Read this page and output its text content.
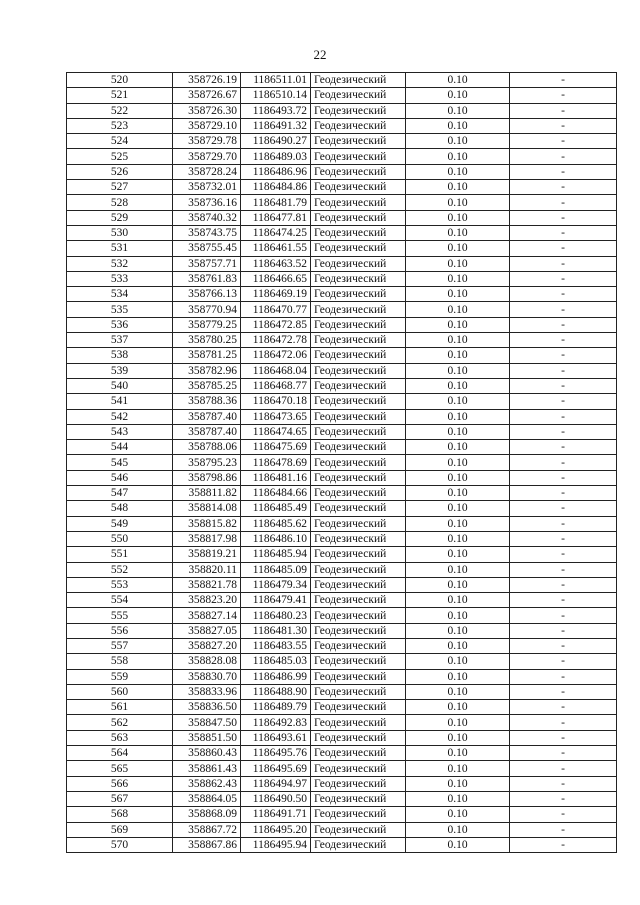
22
520	358726.19	1186511.01	Геодезический	0.10	-
521	358726.67	1186510.14	Геодезический	0.10	-
522	358726.30	1186493.72	Геодезический	0.10	-
523	358729.10	1186491.32	Геодезический	0.10	-
524	358729.78	1186490.27	Геодезический	0.10	-
525	358729.70	1186489.03	Геодезический	0.10	-
526	358728.24	1186486.96	Геодезический	0.10	-
527	358732.01	1186484.86	Геодезический	0.10	-
528	358736.16	1186481.79	Геодезический	0.10	-
529	358740.32	1186477.81	Геодезический	0.10	-
530	358743.75	1186474.25	Геодезический	0.10	-
531	358755.45	1186461.55	Геодезический	0.10	-
532	358757.71	1186463.52	Геодезический	0.10	-
533	358761.83	1186466.65	Геодезический	0.10	-
534	358766.13	1186469.19	Геодезический	0.10	-
535	358770.94	1186470.77	Геодезический	0.10	-
536	358779.25	1186472.85	Геодезический	0.10	-
537	358780.25	1186472.78	Геодезический	0.10	-
538	358781.25	1186472.06	Геодезический	0.10	-
539	358782.96	1186468.04	Геодезический	0.10	-
540	358785.25	1186468.77	Геодезический	0.10	-
541	358788.36	1186470.18	Геодезический	0.10	-
542	358787.40	1186473.65	Геодезический	0.10	-
543	358787.40	1186474.65	Геодезический	0.10	-
544	358788.06	1186475.69	Геодезический	0.10	-
545	358795.23	1186478.69	Геодезический	0.10	-
546	358798.86	1186481.16	Геодезический	0.10	-
547	358811.82	1186484.66	Геодезический	0.10	-
548	358814.08	1186485.49	Геодезический	0.10	-
549	358815.82	1186485.62	Геодезический	0.10	-
550	358817.98	1186486.10	Геодезический	0.10	-
551	358819.21	1186485.94	Геодезический	0.10	-
552	358820.11	1186485.09	Геодезический	0.10	-
553	358821.78	1186479.34	Геодезический	0.10	-
554	358823.20	1186479.41	Геодезический	0.10	-
555	358827.14	1186480.23	Геодезический	0.10	-
556	358827.05	1186481.30	Геодезический	0.10	-
557	358827.20	1186483.55	Геодезический	0.10	-
558	358828.08	1186485.03	Геодезический	0.10	-
559	358830.70	1186486.99	Геодезический	0.10	-
560	358833.96	1186488.90	Геодезический	0.10	-
561	358836.50	1186489.79	Геодезический	0.10	-
562	358847.50	1186492.83	Геодезический	0.10	-
563	358851.50	1186493.61	Геодезический	0.10	-
564	358860.43	1186495.76	Геодезический	0.10	-
565	358861.43	1186495.69	Геодезический	0.10	-
566	358862.43	1186494.97	Геодезический	0.10	-
567	358864.05	1186490.50	Геодезический	0.10	-
568	358868.09	1186491.71	Геодезический	0.10	-
569	358867.72	1186495.20	Геодезический	0.10	-
570	358867.86	1186495.94	Геодезический	0.10	-
